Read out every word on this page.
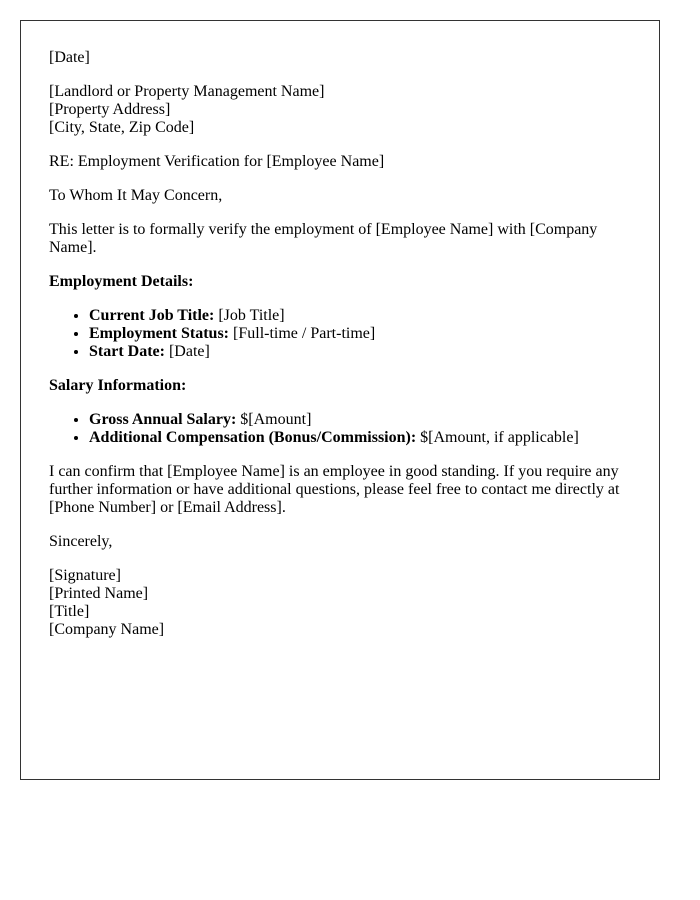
[Date]

[Landlord or Property Management Name]
[Property Address]
[City, State, Zip Code]

RE: Employment Verification for [Employee Name]

To Whom It May Concern,

This letter is to formally verify the employment of [Employee Name] with [Company Name].

Employment Details:

• Current Job Title: [Job Title]
• Employment Status: [Full-time / Part-time]
• Start Date: [Date]

Salary Information:

• Gross Annual Salary: $[Amount]
• Additional Compensation (Bonus/Commission): $[Amount, if applicable]

I can confirm that [Employee Name] is an employee in good standing. If you require any further information or have additional questions, please feel free to contact me directly at [Phone Number] or [Email Address].

Sincerely,

[Signature]
[Printed Name]
[Title]
[Company Name]
